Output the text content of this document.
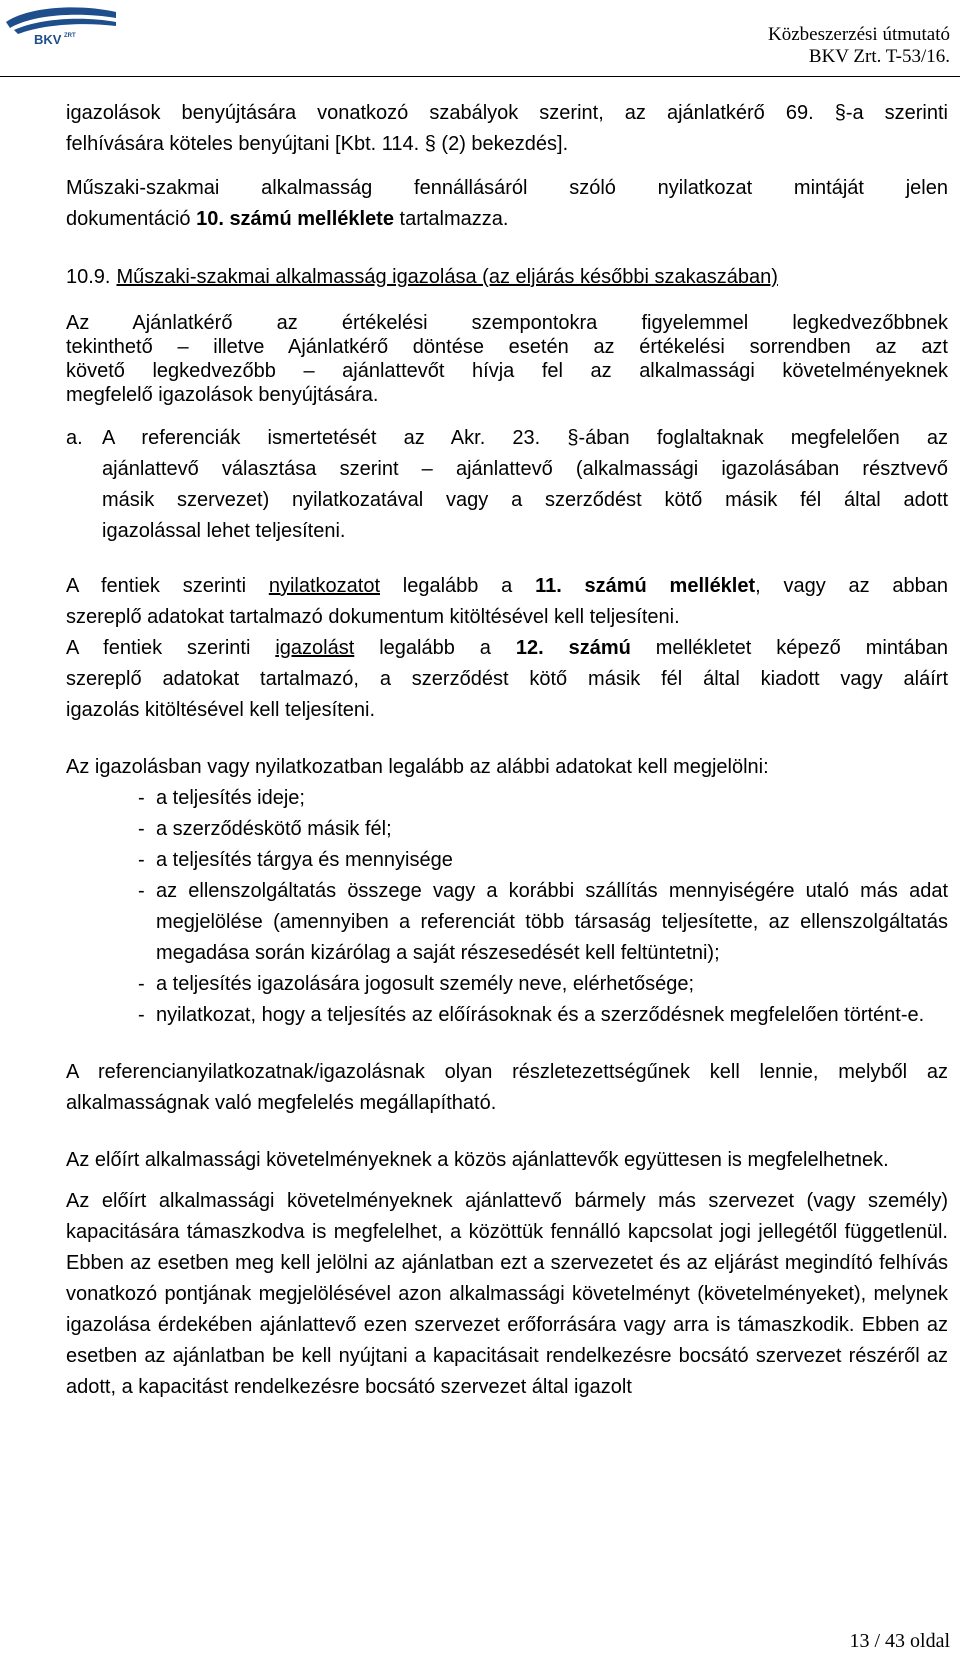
BKV ZRT	Közbeszerzési útmutató
BKV Zrt. T-53/16.

igazolások benyújtására vonatkozó szabályok szerint, az ajánlatkérő 69. §-a szerinti

felhívására köteles benyújtani [Kbt. 114. § (2) bekezdés].

Műszaki-szakmai alkalmasság fennállásáról szóló nyilatkozat mintáját jelen

dokumentáció 10. számú melléklete tartalmazza.

10.9. Műszaki-szakmai alkalmasság igazolása (az eljárás későbbi szakaszában)

Az Ajánlatkérő az értékelési szempontokra figyelemmel legkedvezőbbnek

tekinthető – illetve Ajánlatkérő döntése esetén az értékelési sorrendben az azt

követő legkedvezőbb – ajánlattevőt hívja fel az alkalmassági követelményeknek

megfelelő igazolások benyújtására.

a. A referenciák ismertetését az Akr. 23. §-ában foglaltaknak megfelelően az

ajánlattevő választása szerint – ajánlattevő (alkalmassági igazolásában résztvevő

másik szervezet) nyilatkozatával vagy a szerződést kötő másik fél által adott

igazolással lehet teljesíteni.

A fentiek szerinti nyilatkozatot legalább a 11. számú melléklet, vagy az abban

szereplő adatokat tartalmazó dokumentum kitöltésével kell teljesíteni.

A fentiek szerinti igazolást legalább a 12. számú mellékletet képező mintában

szereplő adatokat tartalmazó, a szerződést kötő másik fél által kiadott vagy aláírt

igazolás kitöltésével kell teljesíteni.

Az igazolásban vagy nyilatkozatban legalább az alábbi adatokat kell megjelölni:

- a teljesítés ideje;
- a szerződéskötő másik fél;
- a teljesítés tárgya és mennyisége
- az ellenszolgáltatás összege vagy a korábbi szállítás mennyiségére utaló más adat megjelölése (amennyiben a referenciát több társaság teljesítette, az ellenszolgáltatás megadása során kizárólag a saját részesedését kell feltüntetni);
- a teljesítés igazolására jogosult személy neve, elérhetősége;
- nyilatkozat, hogy a teljesítés az előírásoknak és a szerződésnek megfelelően történt-e.

A referencianyilatkozatnak/igazolásnak olyan részletezettségűnek kell lennie, melyből az alkalmasságnak való megfelelés megállapítható.

Az előírt alkalmassági követelményeknek a közös ajánlattevők együttesen is megfelelhetnek.

Az előírt alkalmassági követelményeknek ajánlattevő bármely más szervezet (vagy személy) kapacitására támaszkodva is megfelelhet, a közöttük fennálló kapcsolat jogi jellegétől függetlenül. Ebben az esetben meg kell jelölni az ajánlatban ezt a szervezetet és az eljárást megindító felhívás vonatkozó pontjának megjelölésével azon alkalmassági követelményt (követelményeket), melynek igazolása érdekében ajánlattevő ezen szervezet erőforrására vagy arra is támaszkodik. Ebben az esetben az ajánlatban be kell nyújtani a kapacitásait rendelkezésre bocsátó szervezet részéről az adott, a kapacitást rendelkezésre bocsátó szervezet által igazolt

13 / 43 oldal
